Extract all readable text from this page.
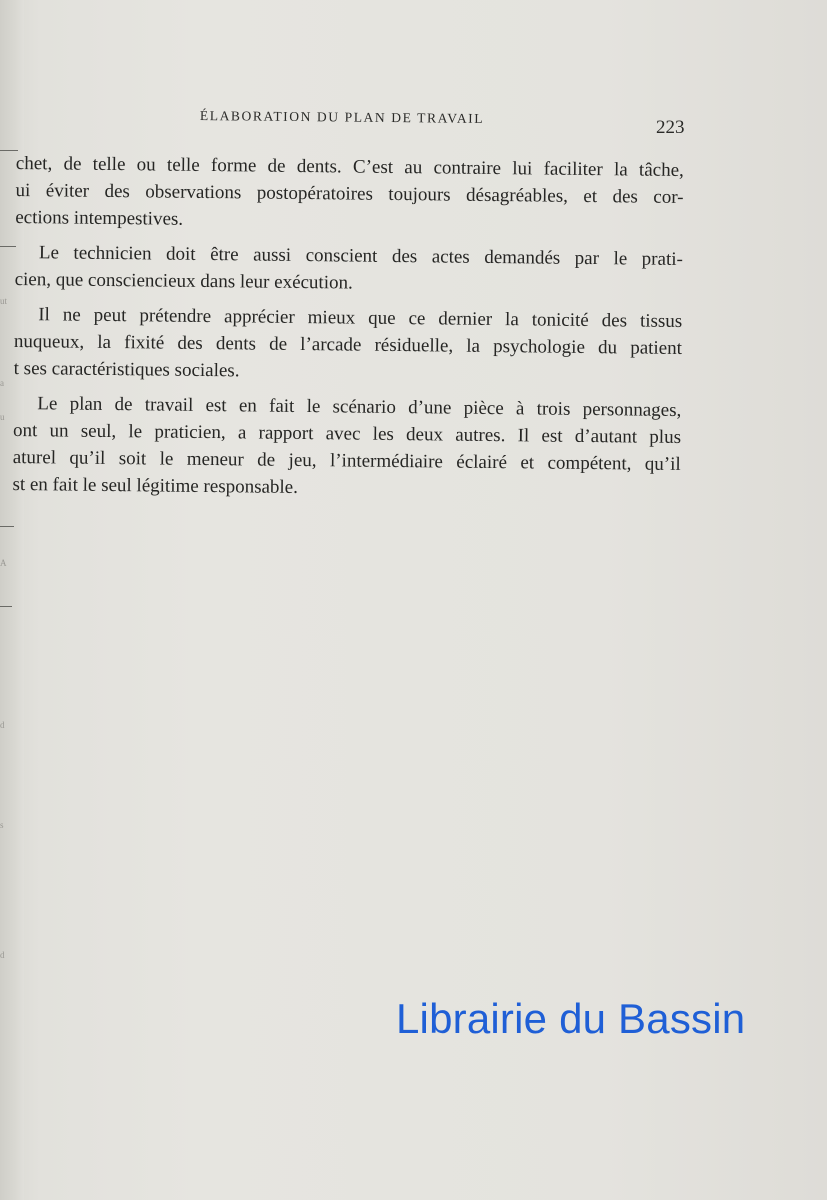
ut
a
u
A
d
s
d
ÉLABORATION DU PLAN DE TRAVAIL
223
chet, de telle ou telle forme de dents. C’est au contraire lui faciliter la tâche,
ui éviter des observations postopératoires toujours désagréables, et des cor-
ections intempestives.
Le technicien doit être aussi conscient des actes demandés par le prati-
cien, que consciencieux dans leur exécution.
Il ne peut prétendre apprécier mieux que ce dernier la tonicité des tissus
nuqueux, la fixité des dents de l’arcade résiduelle, la psychologie du patient
t ses caractéristiques sociales.
Le plan de travail est en fait le scénario d’une pièce à trois personnages,
ont un seul, le praticien, a rapport avec les deux autres. Il est d’autant plus
aturel qu’il soit le meneur de jeu, l’intermédiaire éclairé et compétent, qu’il
st en fait le seul légitime responsable.
Librairie du Bassin
